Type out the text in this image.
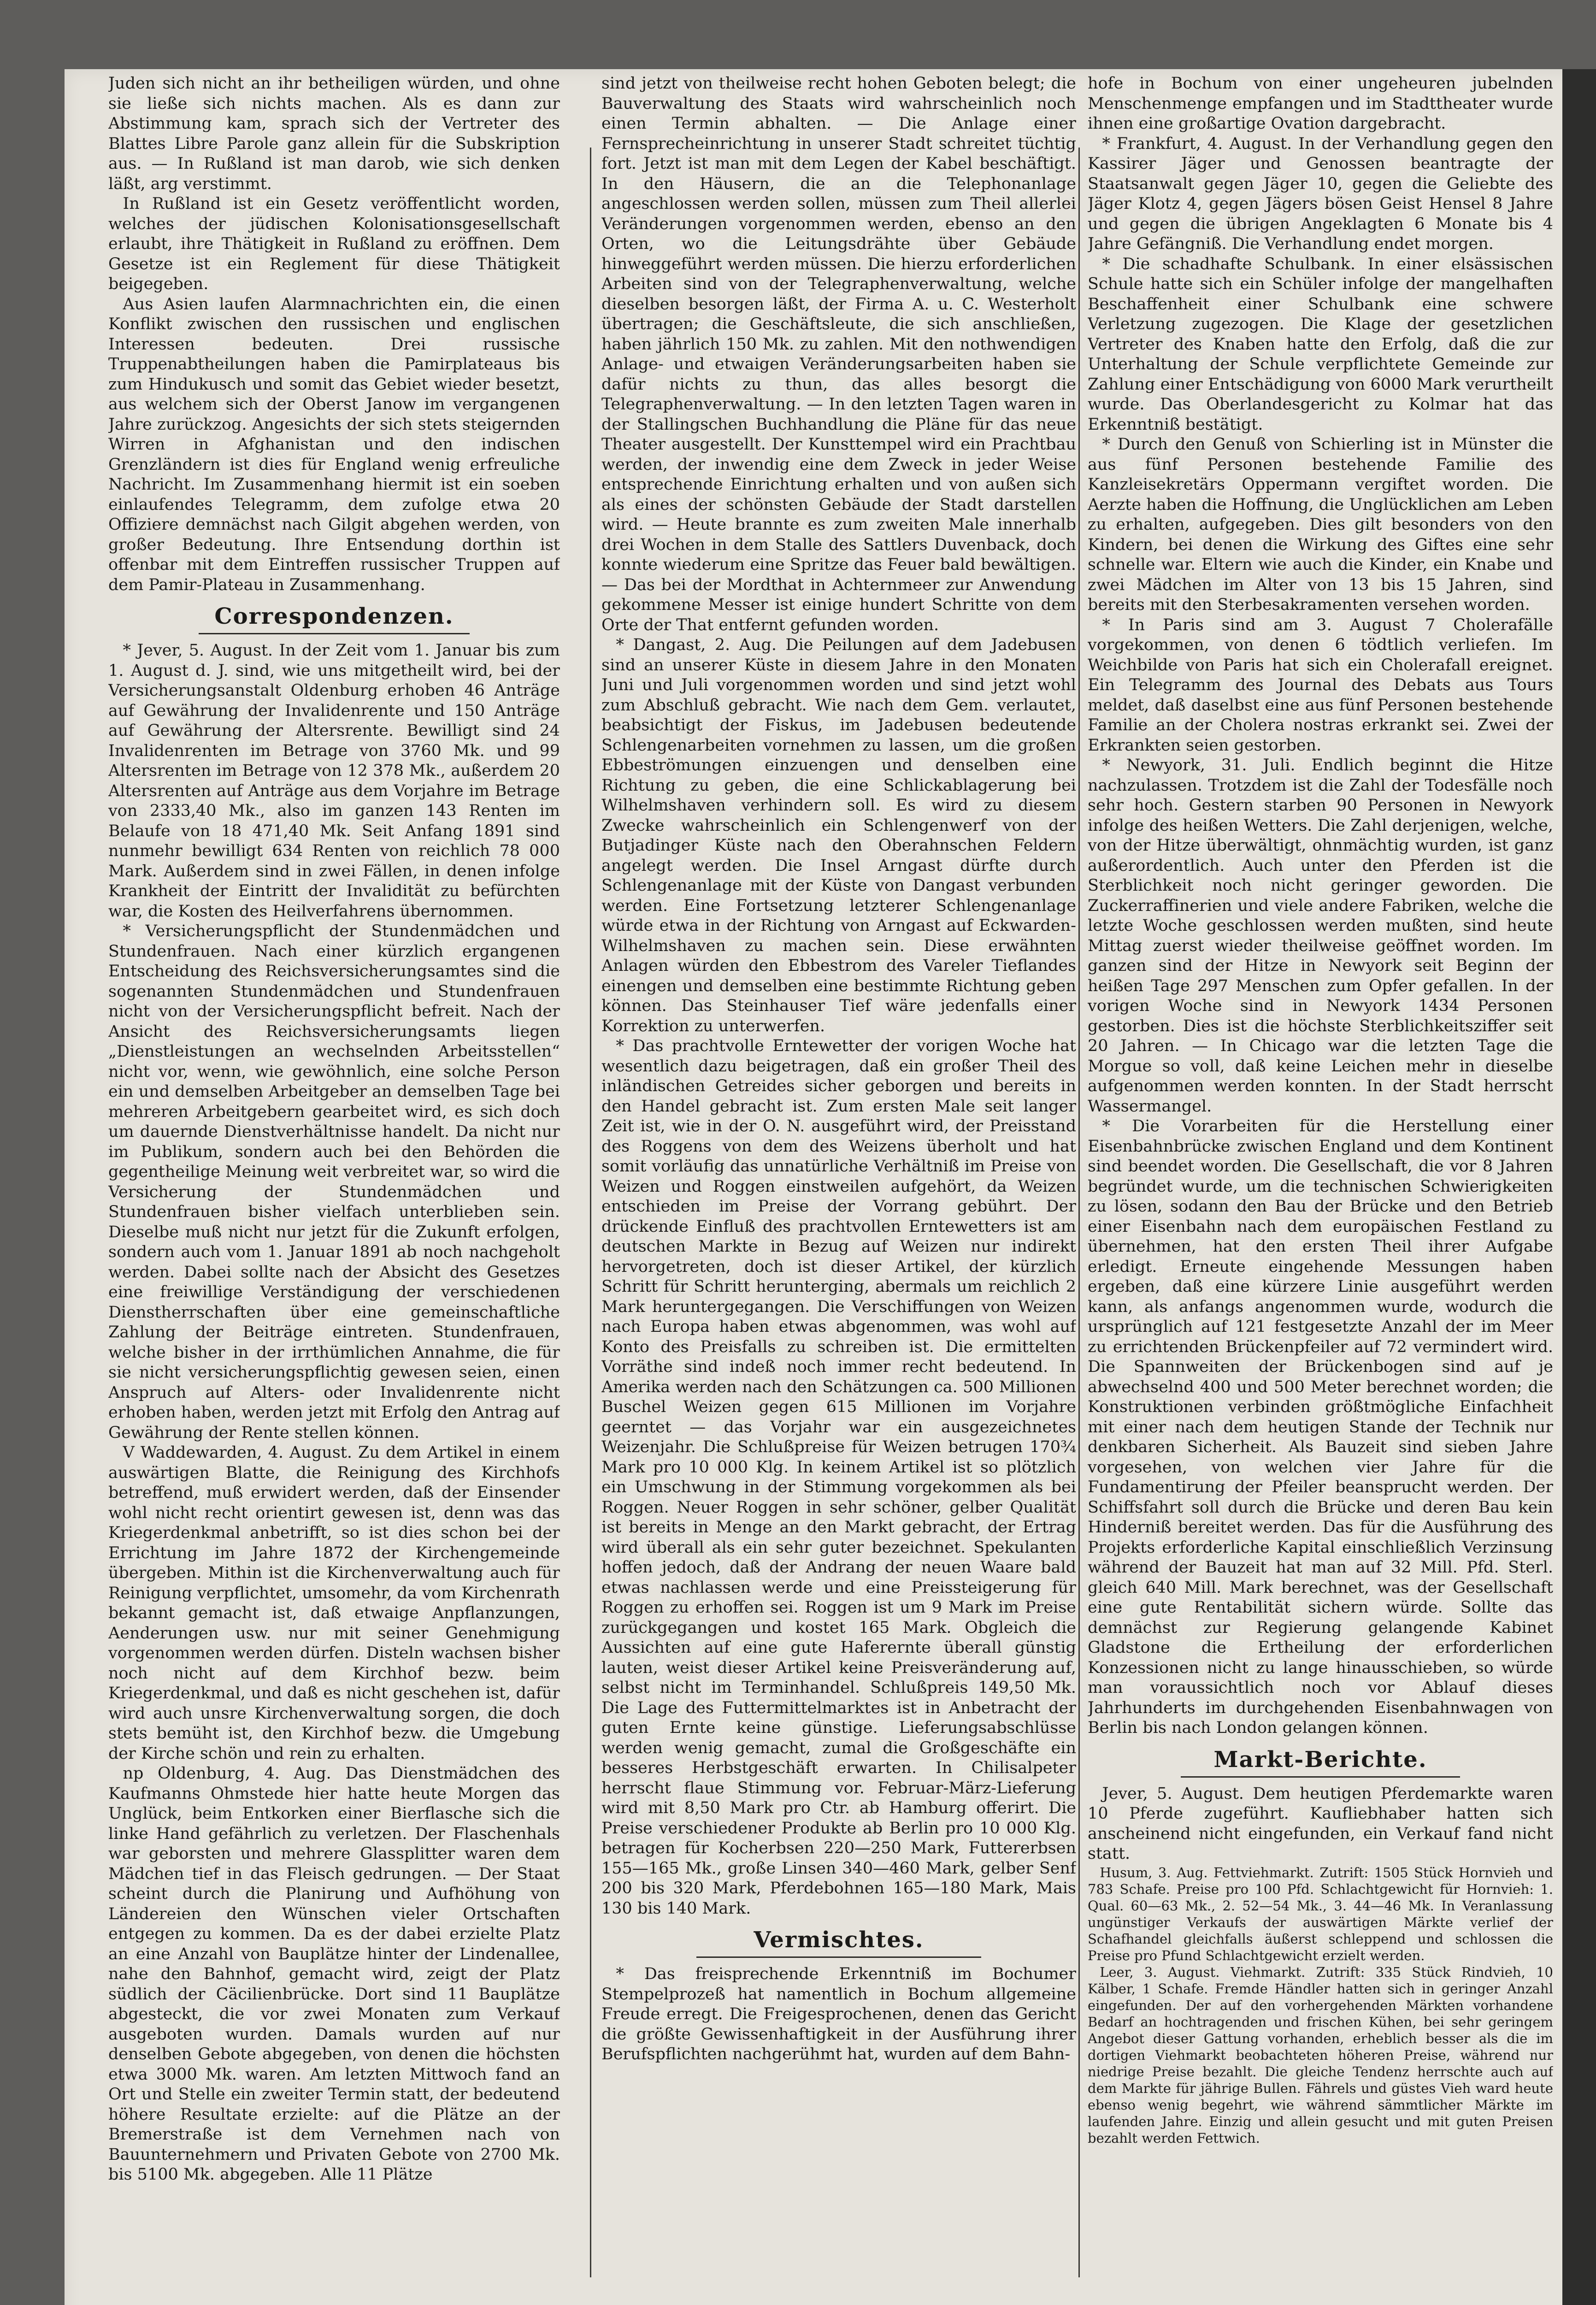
Juden sich nicht an ihr betheiligen würden, und ohne sie ließe sich nichts machen. Als es dann zur Abstimmung kam, sprach sich der Vertreter des Blattes Libre Parole ganz allein für die Subskription aus. — In Rußland ist man darob, wie sich denken läßt, arg verstimmt.

In Rußland ist ein Gesetz veröffentlicht worden, welches der jüdischen Kolonisationsgesellschaft erlaubt, ihre Thätigkeit in Rußland zu eröffnen. Dem Gesetze ist ein Reglement für diese Thätigkeit beigegeben.

Aus Asien laufen Alarmnachrichten ein, die einen Konflikt zwischen den russischen und englischen Interessen bedeuten. Drei russische Truppenabtheilungen haben die Pamirplateaus bis zum Hindukusch und somit das Gebiet wieder besetzt, aus welchem sich der Oberst Janow im vergangenen Jahre zurückzog. Angesichts der sich stets steigernden Wirren in Afghanistan und den indischen Grenzländern ist dies für England wenig erfreuliche Nachricht. Im Zusammenhang hiermit ist ein soeben einlaufendes Telegramm, dem zufolge etwa 20 Offiziere demnächst nach Gilgit abgehen werden, von großer Bedeutung. Ihre Entsendung dorthin ist offenbar mit dem Eintreffen russischer Truppen auf dem Pamir-Plateau in Zusammenhang.

Correspondenzen.

* Jever, 5. August. In der Zeit vom 1. Januar bis zum 1. August d. J. sind, wie uns mitgetheilt wird, bei der Versicherungsanstalt Oldenburg erhoben 46 Anträge auf Gewährung der Invalidenrente und 150 Anträge auf Gewährung der Altersrente. Bewilligt sind 24 Invalidenrenten im Betrage von 3760 Mk. und 99 Altersrenten im Betrage von 12 378 Mk., außerdem 20 Altersrenten auf Anträge aus dem Vorjahre im Betrage von 2333,40 Mk., also im ganzen 143 Renten im Belaufe von 18 471,40 Mk. Seit Anfang 1891 sind nunmehr bewilligt 634 Renten von reichlich 78 000 Mark. Außerdem sind in zwei Fällen, in denen infolge Krankheit der Eintritt der Invalidität zu befürchten war, die Kosten des Heilverfahrens übernommen.

* Versicherungspflicht der Stundenmädchen und Stundenfrauen. Nach einer kürzlich ergangenen Entscheidung des Reichsversicherungsamtes sind die sogenannten Stundenmädchen und Stundenfrauen nicht von der Versicherungspflicht befreit. Nach der Ansicht des Reichsversicherungsamts liegen „Dienstleistungen an wechselnden Arbeitsstellen“ nicht vor, wenn, wie gewöhnlich, eine solche Person ein und demselben Arbeitgeber an demselben Tage bei mehreren Arbeitgebern gearbeitet wird, es sich doch um dauernde Dienstverhältnisse handelt. Da nicht nur im Publikum, sondern auch bei den Behörden die gegentheilige Meinung weit verbreitet war, so wird die Versicherung der Stundenmädchen und Stundenfrauen bisher vielfach unterblieben sein. Dieselbe muß nicht nur jetzt für die Zukunft erfolgen, sondern auch vom 1. Januar 1891 ab noch nachgeholt werden. Dabei sollte nach der Absicht des Gesetzes eine freiwillige Verständigung der verschiedenen Dienstherrschaften über eine gemeinschaftliche Zahlung der Beiträge eintreten. Stundenfrauen, welche bisher in der irrthümlichen Annahme, die für sie nicht versicherungspflichtig gewesen seien, einen Anspruch auf Alters- oder Invalidenrente nicht erhoben haben, werden jetzt mit Erfolg den Antrag auf Gewährung der Rente stellen können.

V Waddewarden, 4. August. Zu dem Artikel in einem auswärtigen Blatte, die Reinigung des Kirchhofs betreffend, muß erwidert werden, daß der Einsender wohl nicht recht orientirt gewesen ist, denn was das Kriegerdenkmal anbetrifft, so ist dies schon bei der Errichtung im Jahre 1872 der Kirchengemeinde übergeben. Mithin ist die Kirchenverwaltung auch für Reinigung verpflichtet, umsomehr, da vom Kirchenrath bekannt gemacht ist, daß etwaige Anpflanzungen, Aenderungen usw. nur mit seiner Genehmigung vorgenommen werden dürfen. Disteln wachsen bisher noch nicht auf dem Kirchhof bezw. beim Kriegerdenkmal, und daß es nicht geschehen ist, dafür wird auch unsre Kirchenverwaltung sorgen, die doch stets bemüht ist, den Kirchhof bezw. die Umgebung der Kirche schön und rein zu erhalten.

np Oldenburg, 4. Aug. Das Dienstmädchen des Kaufmanns Ohmstede hier hatte heute Morgen das Unglück, beim Entkorken einer Bierflasche sich die linke Hand gefährlich zu verletzen. Der Flaschenhals war geborsten und mehrere Glassplitter waren dem Mädchen tief in das Fleisch gedrungen. — Der Staat scheint durch die Planirung und Aufhöhung von Ländereien den Wünschen vieler Ortschaften entgegen zu kommen. Da es der dabei erzielte Platz an eine Anzahl von Bauplätze hinter der Lindenallee, nahe den Bahnhof, gemacht wird, zeigt der Platz südlich der Cäcilienbrücke. Dort sind 11 Bauplätze abgesteckt, die vor zwei Monaten zum Verkauf ausgeboten wurden. Damals wurden auf nur denselben Gebote abgegeben, von denen die höchsten etwa 3000 Mk. waren. Am letzten Mittwoch fand an Ort und Stelle ein zweiter Termin statt, der bedeutend höhere Resultate erzielte: auf die Plätze an der Bremerstraße ist dem Vernehmen nach von Bauunternehmern und Privaten Gebote von 2700 Mk. bis 5100 Mk. abgegeben. Alle 11 Plätze

sind jetzt von theilweise recht hohen Geboten belegt; die Bauverwaltung des Staats wird wahrscheinlich noch einen Termin abhalten. — Die Anlage einer Fernsprecheinrichtung in unserer Stadt schreitet tüchtig fort. Jetzt ist man mit dem Legen der Kabel beschäftigt. In den Häusern, die an die Telephonanlage angeschlossen werden sollen, müssen zum Theil allerlei Veränderungen vorgenommen werden, ebenso an den Orten, wo die Leitungsdrähte über Gebäude hinweggeführt werden müssen. Die hierzu erforderlichen Arbeiten sind von der Telegraphenverwaltung, welche dieselben besorgen läßt, der Firma A. u. C. Westerholt übertragen; die Geschäftsleute, die sich anschließen, haben jährlich 150 Mk. zu zahlen. Mit den nothwendigen Anlage- und etwaigen Veränderungsarbeiten haben sie dafür nichts zu thun, das alles besorgt die Telegraphenverwaltung. — In den letzten Tagen waren in der Stallingschen Buchhandlung die Pläne für das neue Theater ausgestellt. Der Kunsttempel wird ein Prachtbau werden, der inwendig eine dem Zweck in jeder Weise entsprechende Einrichtung erhalten und von außen sich als eines der schönsten Gebäude der Stadt darstellen wird. — Heute brannte es zum zweiten Male innerhalb drei Wochen in dem Stalle des Sattlers Duvenback, doch konnte wiederum eine Spritze das Feuer bald bewältigen. — Das bei der Mordthat in Achternmeer zur Anwendung gekommene Messer ist einige hundert Schritte von dem Orte der That entfernt gefunden worden.

* Dangast, 2. Aug. Die Peilungen auf dem Jadebusen sind an unserer Küste in diesem Jahre in den Monaten Juni und Juli vorgenommen worden und sind jetzt wohl zum Abschluß gebracht. Wie nach dem Gem. verlautet, beabsichtigt der Fiskus, im Jadebusen bedeutende Schlengenarbeiten vornehmen zu lassen, um die großen Ebbeströmungen einzuengen und denselben eine Richtung zu geben, die eine Schlickablagerung bei Wilhelmshaven verhindern soll. Es wird zu diesem Zwecke wahrscheinlich ein Schlengenwerf von der Butjadinger Küste nach den Oberahnschen Feldern angelegt werden. Die Insel Arngast dürfte durch Schlengenanlage mit der Küste von Dangast verbunden werden. Eine Fortsetzung letzterer Schlengenanlage würde etwa in der Richtung von Arngast auf Eckwarden-Wilhelmshaven zu machen sein. Diese erwähnten Anlagen würden den Ebbestrom des Vareler Tieflandes einengen und demselben eine bestimmte Richtung geben können. Das Steinhauser Tief wäre jedenfalls einer Korrektion zu unterwerfen.

* Das prachtvolle Erntewetter der vorigen Woche hat wesentlich dazu beigetragen, daß ein großer Theil des inländischen Getreides sicher geborgen und bereits in den Handel gebracht ist. Zum ersten Male seit langer Zeit ist, wie in der O. N. ausgeführt wird, der Preisstand des Roggens von dem des Weizens überholt und hat somit vorläufig das unnatürliche Verhältniß im Preise von Weizen und Roggen einstweilen aufgehört, da Weizen entschieden im Preise der Vorrang gebührt. Der drückende Einfluß des prachtvollen Erntewetters ist am deutschen Markte in Bezug auf Weizen nur indirekt hervorgetreten, doch ist dieser Artikel, der kürzlich Schritt für Schritt herunterging, abermals um reichlich 2 Mark heruntergegangen. Die Verschiffungen von Weizen nach Europa haben etwas abgenommen, was wohl auf Konto des Preisfalls zu schreiben ist. Die ermittelten Vorräthe sind indeß noch immer recht bedeutend. In Amerika werden nach den Schätzungen ca. 500 Millionen Buschel Weizen gegen 615 Millionen im Vorjahre geerntet — das Vorjahr war ein ausgezeichnetes Weizenjahr. Die Schlußpreise für Weizen betrugen 170¾ Mark pro 10 000 Klg. In keinem Artikel ist so plötzlich ein Umschwung in der Stimmung vorgekommen als bei Roggen. Neuer Roggen in sehr schöner, gelber Qualität ist bereits in Menge an den Markt gebracht, der Ertrag wird überall als ein sehr guter bezeichnet. Spekulanten hoffen jedoch, daß der Andrang der neuen Waare bald etwas nachlassen werde und eine Preissteigerung für Roggen zu erhoffen sei. Roggen ist um 9 Mark im Preise zurückgegangen und kostet 165 Mark. Obgleich die Aussichten auf eine gute Haferernte überall günstig lauten, weist dieser Artikel keine Preisveränderung auf, selbst nicht im Terminhandel. Schlußpreis 149,50 Mk. Die Lage des Futtermittelmarktes ist in Anbetracht der guten Ernte keine günstige. Lieferungsabschlüsse werden wenig gemacht, zumal die Großgeschäfte ein besseres Herbstgeschäft erwarten. In Chilisalpeter herrscht flaue Stimmung vor. Februar-März-Lieferung wird mit 8,50 Mark pro Ctr. ab Hamburg offerirt. Die Preise verschiedener Produkte ab Berlin pro 10 000 Klg. betragen für Kocherbsen 220—250 Mark, Futtererbsen 155—165 Mk., große Linsen 340—460 Mark, gelber Senf 200 bis 320 Mark, Pferdebohnen 165—180 Mark, Mais 130 bis 140 Mark.

Vermischtes.

* Das freisprechende Erkenntniß im Bochumer Stempelprozeß hat namentlich in Bochum allgemeine Freude erregt. Die Freigesprochenen, denen das Gericht die größte Gewissenhaftigkeit in der Ausführung ihrer Berufspflichten nachgerühmt hat, wurden auf dem Bahn-

hofe in Bochum von einer ungeheuren jubelnden Menschenmenge empfangen und im Stadttheater wurde ihnen eine großartige Ovation dargebracht.

* Frankfurt, 4. August. In der Verhandlung gegen den Kassirer Jäger und Genossen beantragte der Staatsanwalt gegen Jäger 10, gegen die Geliebte des Jäger Klotz 4, gegen Jägers bösen Geist Hensel 8 Jahre und gegen die übrigen Angeklagten 6 Monate bis 4 Jahre Gefängniß. Die Verhandlung endet morgen.

* Die schadhafte Schulbank. In einer elsässischen Schule hatte sich ein Schüler infolge der mangelhaften Beschaffenheit einer Schulbank eine schwere Verletzung zugezogen. Die Klage der gesetzlichen Vertreter des Knaben hatte den Erfolg, daß die zur Unterhaltung der Schule verpflichtete Gemeinde zur Zahlung einer Entschädigung von 6000 Mark verurtheilt wurde. Das Oberlandesgericht zu Kolmar hat das Erkenntniß bestätigt.

* Durch den Genuß von Schierling ist in Münster die aus fünf Personen bestehende Familie des Kanzleisekretärs Oppermann vergiftet worden. Die Aerzte haben die Hoffnung, die Unglücklichen am Leben zu erhalten, aufgegeben. Dies gilt besonders von den Kindern, bei denen die Wirkung des Giftes eine sehr schnelle war. Eltern wie auch die Kinder, ein Knabe und zwei Mädchen im Alter von 13 bis 15 Jahren, sind bereits mit den Sterbesakramenten versehen worden.

* In Paris sind am 3. August 7 Cholerafälle vorgekommen, von denen 6 tödtlich verliefen. Im Weichbilde von Paris hat sich ein Cholerafall ereignet. Ein Telegramm des Journal des Debats aus Tours meldet, daß daselbst eine aus fünf Personen bestehende Familie an der Cholera nostras erkrankt sei. Zwei der Erkrankten seien gestorben.

* Newyork, 31. Juli. Endlich beginnt die Hitze nachzulassen. Trotzdem ist die Zahl der Todesfälle noch sehr hoch. Gestern starben 90 Personen in Newyork infolge des heißen Wetters. Die Zahl derjenigen, welche, von der Hitze überwältigt, ohnmächtig wurden, ist ganz außerordentlich. Auch unter den Pferden ist die Sterblichkeit noch nicht geringer geworden. Die Zuckerraffinerien und viele andere Fabriken, welche die letzte Woche geschlossen werden mußten, sind heute Mittag zuerst wieder theilweise geöffnet worden. Im ganzen sind der Hitze in Newyork seit Beginn der heißen Tage 297 Menschen zum Opfer gefallen. In der vorigen Woche sind in Newyork 1434 Personen gestorben. Dies ist die höchste Sterblichkeitsziffer seit 20 Jahren. — In Chicago war die letzten Tage die Morgue so voll, daß keine Leichen mehr in dieselbe aufgenommen werden konnten. In der Stadt herrscht Wassermangel.

* Die Vorarbeiten für die Herstellung einer Eisenbahnbrücke zwischen England und dem Kontinent sind beendet worden. Die Gesellschaft, die vor 8 Jahren begründet wurde, um die technischen Schwierigkeiten zu lösen, sodann den Bau der Brücke und den Betrieb einer Eisenbahn nach dem europäischen Festland zu übernehmen, hat den ersten Theil ihrer Aufgabe erledigt. Erneute eingehende Messungen haben ergeben, daß eine kürzere Linie ausgeführt werden kann, als anfangs angenommen wurde, wodurch die ursprünglich auf 121 festgesetzte Anzahl der im Meer zu errichtenden Brückenpfeiler auf 72 vermindert wird. Die Spannweiten der Brückenbogen sind auf je abwechselnd 400 und 500 Meter berechnet worden; die Konstruktionen verbinden größtmögliche Einfachheit mit einer nach dem heutigen Stande der Technik nur denkbaren Sicherheit. Als Bauzeit sind sieben Jahre vorgesehen, von welchen vier Jahre für die Fundamentirung der Pfeiler beansprucht werden. Der Schiffsfahrt soll durch die Brücke und deren Bau kein Hinderniß bereitet werden. Das für die Ausführung des Projekts erforderliche Kapital einschließlich Verzinsung während der Bauzeit hat man auf 32 Mill. Pfd. Sterl. gleich 640 Mill. Mark berechnet, was der Gesellschaft eine gute Rentabilität sichern würde. Sollte das demnächst zur Regierung gelangende Kabinet Gladstone die Ertheilung der erforderlichen Konzessionen nicht zu lange hinausschieben, so würde man voraussichtlich noch vor Ablauf dieses Jahrhunderts im durchgehenden Eisenbahnwagen von Berlin bis nach London gelangen können.

Markt-Berichte.

Jever, 5. August. Dem heutigen Pferdemarkte waren 10 Pferde zugeführt. Kaufliebhaber hatten sich anscheinend nicht eingefunden, ein Verkauf fand nicht statt.

Husum, 3. Aug. Fettviehmarkt. Zutrift: 1505 Stück Hornvieh und 783 Schafe. Preise pro 100 Pfd. Schlachtgewicht für Hornvieh: 1. Qual. 60—63 Mk., 2. 52—54 Mk., 3. 44—46 Mk. In Veranlassung ungünstiger Verkaufs der auswärtigen Märkte verlief der Schafhandel gleichfalls äußerst schleppend und schlossen die Preise pro Pfund Schlachtgewicht erzielt werden.

Leer, 3. August. Viehmarkt. Zutrift: 335 Stück Rindvieh, 10 Kälber, 1 Schafe. Fremde Händler hatten sich in geringer Anzahl eingefunden. Der auf den vorhergehenden Märkten vorhandene Bedarf an hochtragenden und frischen Kühen, bei sehr geringem Angebot dieser Gattung vorhanden, erheblich besser als die im dortigen Viehmarkt beobachteten höheren Preise, während nur niedrige Preise bezahlt. Die gleiche Tendenz herrschte auch auf dem Markte für jährige Bullen. Fährels und güstes Vieh ward heute ebenso wenig begehrt, wie während sämmtlicher Märkte im laufenden Jahre. Einzig und allein gesucht und mit guten Preisen bezahlt werden Fettwich.
